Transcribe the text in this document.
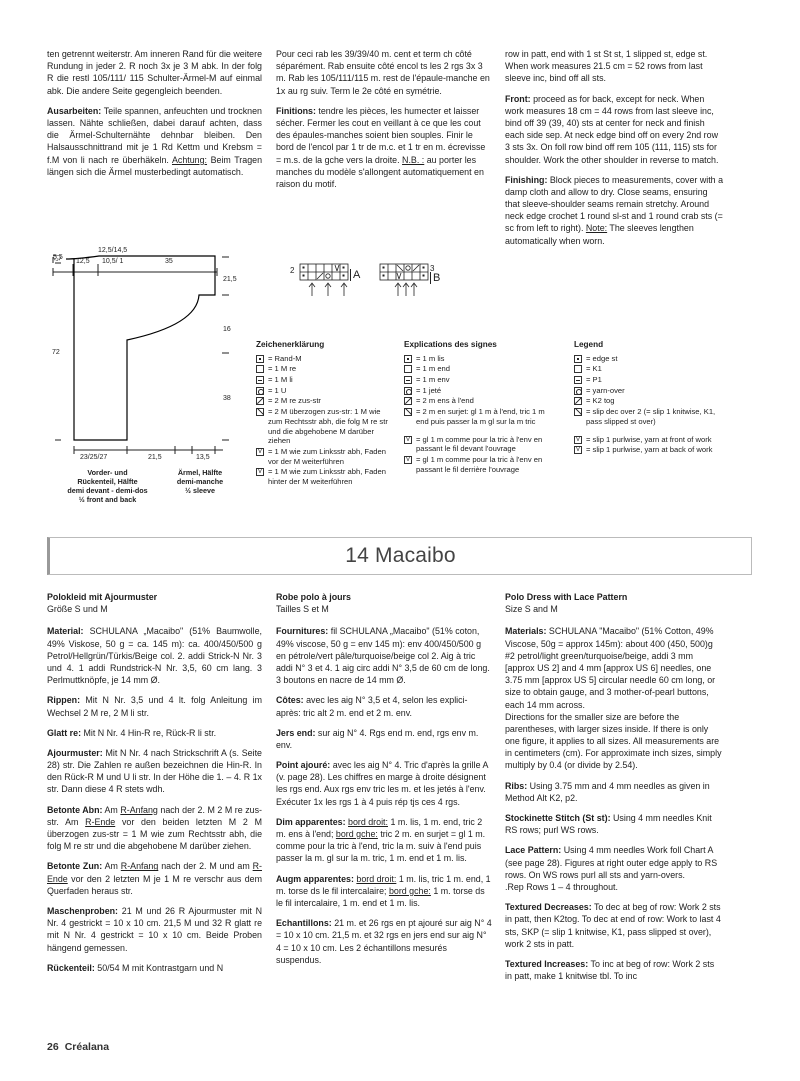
ten getrennt weiterstr. Am inneren Rand für die weitere Rundung in jeder 2. R noch 3x je 3 M abk. In der folg R die restl 105/111/ 115 Schulter-Ärmel-M auf einmal abk. Die andere Seite gegengleich beenden.

Ausarbeiten: Teile spannen, anfeuchten und trocknen lassen. Nähte schließen, dabei darauf achten, dass die Ärmel-Schulternähte dehnbar bleiben. Den Halsausschnittrand mit je 1 Rd Kettm und Krebsm = f.M von li nach re überhäkeln. Achtung: Beim Tragen längen sich die Ärmel musterbedingt automatisch.

Pour ceci rab les 39/39/40 m. cent et term ch côté séparément. Rab ensuite côté encol ts les 2 rgs 3x 3 m. Rab les 105/111/115 m. rest de l'épaule-manche en 1x au rg suiv. Term le 2e côté en symétrie.

Finitions: tendre les pièces, les humecter et laisser sécher. Fermer les cout en veillant à ce que les cout des épaules-manches soient bien souples. Finir le bord de l'encol par 1 tr de m.c. et 1 tr en m. écrevisse = m.s. de la gche vers la droite. N.B. : au porter les manches du modèle s'allongent automatiquement en raison du motif.

row in patt, end with 1 st St st, 1 slipped st, edge st. When work measures 21.5 cm = 52 rows from last sleeve inc, bind off all sts.

Front: proceed as for back, except for neck. When work measures 18 cm = 44 rows from last sleeve inc, bind off 39 (39, 40) sts at center for neck and finish each side sep. At neck edge bind off on every 2nd row 3 sts 3x. On foll row bind off rem 105 (111, 115) sts for shoulder. Work the other shoulder in reverse to match.

Finishing: Block pieces to measurements, cover with a damp cloth and allow to dry. Close seams, ensuring that sleeve-shoulder seams remain stretchy. Around neck edge crochet 1 round sl-st and 1 round crab sts (= sc from left to right). Note: The sleeves lengthen automatically when worn.

12,5/14,5
12,5 10,5/ 1	35
5,5
21,5
16
38
72
23/25/27	21,5	13,5
Vorder- und
Rückenteil, Hälfte
demi devant - demi-dos
½ front and back
Ärmel, Hälfte
demi-manche
½ sleeve
2	A
3
B
Zeichenerklärung
= Rand-M
= 1 M re
= 1 M li
= 1 U
= 2 M re zus-str
= 2 M überzogen zus-str: 1 M wie zum Rechtsstr abh, die folg M re str und die abgehobene M darüber ziehen
V
= 1 M wie zum Linksstr abh, Faden vor der M weiterführen
V
= 1 M wie zum Linksstr abh, Faden hinter der M weiterführen
Explications des signes
= 1 m lis
= 1 m end
= 1 m env
= 1 jeté
= 2 m ens à l'end
= 2 m en surjet: gl 1 m à l'end, tric 1 m end puis passer la m gl sur la m tric
V
= gl 1 m comme pour la tric à l'env en passant le fil devant l'ouvrage
V
= gl 1 m comme pour la tric à l'env en passant le fil derrière l'ouvrage
Legend
= edge st
= K1
= P1
= yarn-over
= K2 tog
= slip dec over 2 (= slip 1 knitwise, K1, pass slipped st over)
V
= slip 1 purlwise, yarn at front of work
V
= slip 1 purlwise, yarn at back of work
14 Macaibo
Polokleid mit Ajourmuster
Größe S und M

Material: SCHULANA „Macaibo" (51% Baumwolle, 49% Viskose, 50 g = ca. 145 m): ca. 400/450/500 g Petrol/Hellgrün/Türkis/Beige col. 2. addi Strick-N Nr. 3 und 4. 1 addi Rundstrick-N Nr. 3,5, 60 cm lang. 3 Perlmuttknöpfe, je 14 mm Ø.

Rippen: Mit N Nr. 3,5 und 4 lt. folg Anleitung im Wechsel 2 M re, 2 M li str.

Glatt re: Mit N Nr. 4 Hin-R re, Rück-R li str.

Ajourmuster: Mit N Nr. 4 nach Strickschrift A (s. Seite 28) str. Die Zahlen re außen bezeichnen die Hin-R. In den Rück-R M und U li str. In der Höhe die 1. – 4. R 1x str. Dann diese 4 R stets wdh.

Betonte Abn: Am R-Anfang nach der 2. M 2 M re zus-str. Am R-Ende vor den beiden letzten M 2 M überzogen zus-str = 1 M wie zum Rechtsstr abh, die folg M re str und die abgehobene M darüber ziehen.

Betonte Zun: Am R-Anfang nach der 2. M und am R-Ende vor den 2 letzten M je 1 M re verschr aus dem Querfaden heraus str.

Maschenproben: 21 M und 26 R Ajourmuster mit N Nr. 4 gestrickt = 10 x 10 cm. 21,5 M und 32 R glatt re mit N Nr. 4 gestrickt = 10 x 10 cm. Beide Proben hängend gemessen.

Rückenteil: 50/54 M mit Kontrastgarn und N

Robe polo à jours
Tailles S et M

Fournitures: fil SCHULANA „Macaibo" (51% coton, 49% viscose, 50 g = env 145 m): env 400/450/500 g en pétrole/vert pâle/turquoise/beige col 2. Aig à tric addi N° 3 et 4. 1 aig circ addi N° 3,5 de 60 cm de long. 3 boutons en nacre de 14 mm Ø.

Côtes: avec les aig N° 3,5 et 4, selon les explici-après: tric alt 2 m. end et 2 m. env.

Jers end: sur aig N° 4. Rgs end m. end, rgs env m. env.

Point ajouré: avec les aig N° 4. Tric d'après la grille A (v. page 28). Les chiffres en marge à droite désignent les rgs end. Aux rgs env tric les m. et les jetés à l'env. Exécuter 1x les rgs 1 à 4 puis rép tjs ces 4 rgs.

Dim apparentes: bord droit: 1 m. lis, 1 m. end, tric 2 m. ens à l'end; bord gche: tric 2 m. en surjet = gl 1 m. comme pour la tric à l'end, tric la m. suiv à l'end puis passer la m. gl sur la m. tric, 1 m. end et 1 m. lis.

Augm apparentes: bord droit: 1 m. lis, tric 1 m. end, 1 m. torse ds le fil intercalaire; bord gche: 1 m. torse ds le fil intercalaire, 1 m. end et 1 m. lis.

Echantillons: 21 m. et 26 rgs en pt ajouré sur aig N° 4 = 10 x 10 cm. 21,5 m. et 32 rgs en jers end sur aig N° 4 = 10 x 10 cm. Les 2 échantillons mesurés suspendus.

Polo Dress with Lace Pattern
Size S and M

Materials: SCHULANA "Macaibo" (51% Cotton, 49% Viscose, 50g = approx 145m): about 400 (450, 500)g #2 petrol/light green/turquoise/beige, addi 3 mm [approx US 2] and 4 mm [approx US 6] needles, one 3.75 mm [approx US 5] circular needle 60 cm long, or size to obtain gauge, and 3 mother-of-pearl buttons, each 14 mm across.

Directions for the smaller size are before the parentheses, with larger sizes inside. If there is only one figure, it applies to all sizes. All measurements are in centimeters (cm). For approximate inch sizes, simply multiply by 0.4 (or divide by 2.54).

Ribs: Using 3.75 mm and 4 mm needles as given in Method Alt K2, p2.

Stockinette Stitch (St st): Using 4 mm needles Knit RS rows; purl WS rows.

Lace Pattern: Using 4 mm needles Work foll Chart A (see page 28). Figures at right outer edge apply to RS rows. On WS rows purl all sts and yarn-overs.

.Rep Rows 1 – 4 throughout.

Textured Decreases: To dec at beg of row: Work 2 sts in patt, then K2tog. To dec at end of row: Work to last 4 sts, SKP (= slip 1 knitwise, K1, pass slipped st over), work 2 sts in patt.

Textured Increases: To inc at beg of row: Work 2 sts in patt, make 1 knitwise tbl. To inc

26 Créalana
